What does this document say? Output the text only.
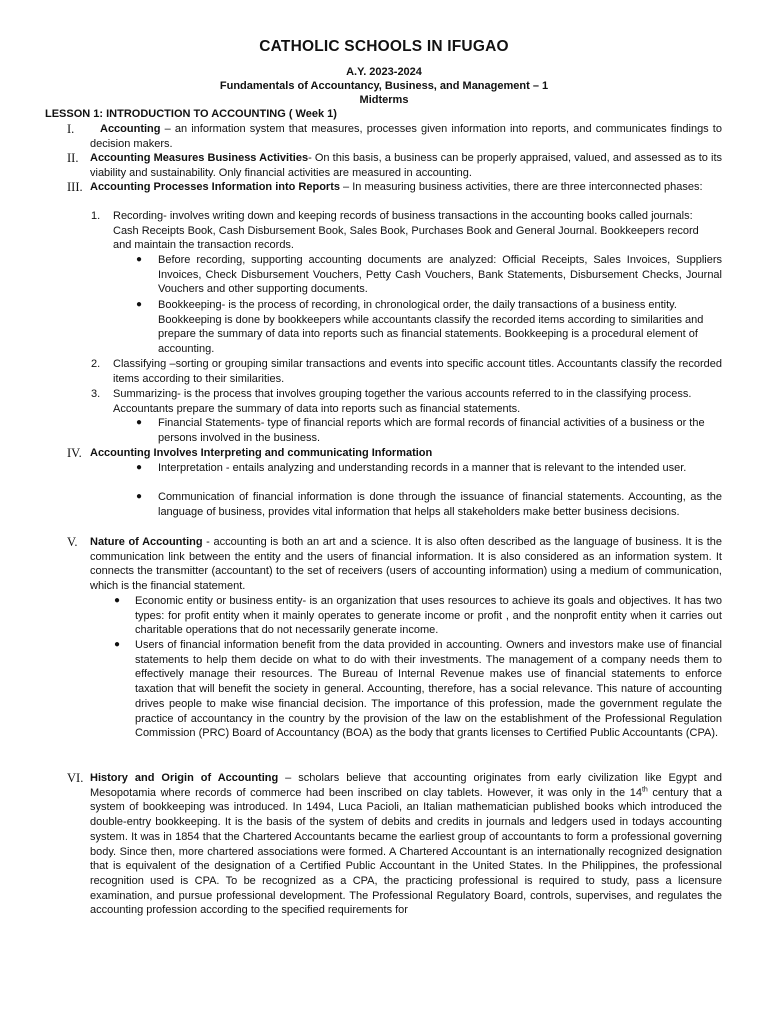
CATHOLIC SCHOOLS IN IFUGAO
A.Y. 2023-2024
Fundamentals of Accountancy, Business, and Management – 1
Midterms
LESSON 1: INTRODUCTION TO ACCOUNTING ( Week 1)
I.	Accounting – an information system that measures, processes given information into reports, and communicates findings to decision makers.
II. Accounting Measures Business Activities- On this basis, a business can be properly appraised, valued, and assessed as to its viability and sustainability. Only financial activities are measured in accounting.
III. Accounting Processes Information into Reports – In measuring business activities, there are three interconnected phases:
1. Recording- involves writing down and keeping records of business transactions in the accounting books called journals: Cash Receipts Book, Cash Disbursement Book, Sales Book, Purchases Book and General Journal. Bookkeepers record and maintain the transaction records.
● Before recording, supporting accounting documents are analyzed: Official Receipts, Sales Invoices, Suppliers Invoices, Check Disbursement Vouchers, Petty Cash Vouchers, Bank Statements, Disbursement Checks, Journal Vouchers and other supporting documents.
● Bookkeeping- is the process of recording, in chronological order, the daily transactions of a business entity. Bookkeeping is done by bookkeepers while accountants classify the recorded items according to similarities and prepare the summary of data into reports such as financial statements. Bookkeeping is a procedural element of accounting.
2. Classifying –sorting or grouping similar transactions and events into specific account titles. Accountants classify the recorded items according to their similarities.
3. Summarizing- is the process that involves grouping together the various accounts referred to in the classifying process. Accountants prepare the summary of data into reports such as financial statements.
● Financial Statements- type of financial reports which are formal records of financial activities of a business or the persons involved in the business.
IV. Accounting Involves Interpreting and communicating Information
● Interpretation - entails analyzing and understanding records in a manner that is relevant to the intended user.
● Communication of financial information is done through the issuance of financial statements. Accounting, as the language of business, provides vital information that helps all stakeholders make better business decisions.
V. Nature of Accounting - accounting is both an art and a science. It is also often described as the language of business. It is the communication link between the entity and the users of financial information. It is also considered as an information system. It connects the transmitter (accountant) to the set of receivers (users of accounting information) using a medium of communication, which is the financial statement.
● Economic entity or business entity- is an organization that uses resources to achieve its goals and objectives. It has two types: for profit entity when it mainly operates to generate income or profit , and the nonprofit entity when it carries out charitable operations that do not necessarily generate income.
● Users of financial information benefit from the data provided in accounting. Owners and investors make use of financial statements to help them decide on what to do with their investments. The management of a company needs them to effectively manage their resources. The Bureau of Internal Revenue makes use of financial statements to enforce taxation that will benefit the society in general. Accounting, therefore, has a social relevance. This nature of accounting drives people to make wise financial decision. The importance of this profession, made the government regulate the practice of accountancy in the country by the provision of the law on the establishment of the Professional Regulation Commission (PRC) Board of Accountancy (BOA) as the body that grants licenses to Certified Public Accountants (CPA).
VI. History and Origin of Accounting – scholars believe that accounting originates from early civilization like Egypt and Mesopotamia where records of commerce had been inscribed on clay tablets. However, it was only in the 14th century that a system of bookkeeping was introduced. In 1494, Luca Pacioli, an Italian mathematician published books which introduced the double-entry bookkeeping. It is the basis of the system of debits and credits in journals and ledgers used in todays accounting system. It was in 1854 that the Chartered Accountants became the earliest group of accountants to form a professional governing body. Since then, more chartered associations were formed. A Chartered Accountant is an internationally recognized designation that is equivalent of the designation of a Certified Public Accountant in the United States. In the Philippines, the professional recognition used is CPA. To be recognized as a CPA, the practicing professional is required to study, pass a licensure examination, and pursue professional development. The Professional Regulatory Board, controls, supervises, and regulates the accounting profession according to the specified requirements for
